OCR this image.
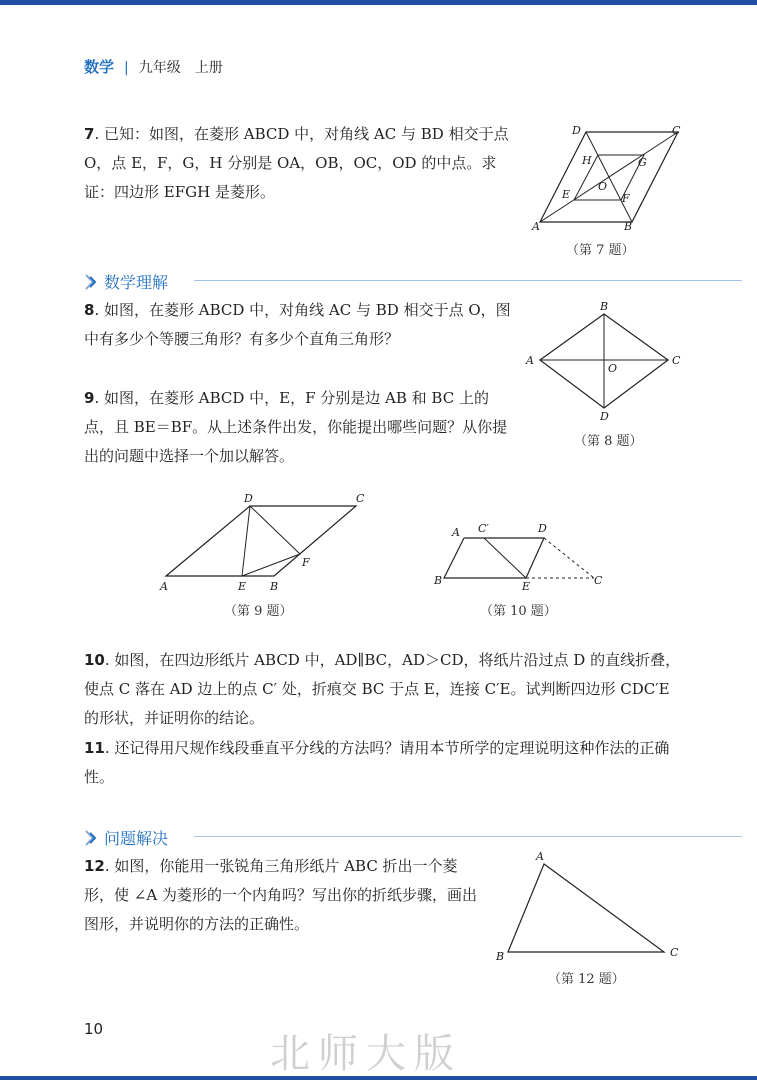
数学 | 九年级 上册
7. 已知：如图，在菱形 ABCD 中，对角线 AC 与 BD 相交于点 O，点 E，F，G，H 分别是 OA，OB，OC，OD 的中点。求证：四边形 EFGH 是菱形。
A	B
C
D
E	F
G
H
O
（第 7 题）
数学理解
8. 如图，在菱形 ABCD 中，对角线 AC 与 BD 相交于点 O，图中有多少个等腰三角形？有多少个直角三角形？
A
B
C
D
O
（第 8 题）
9. 如图，在菱形 ABCD 中，E，F 分别是边 AB 和 BC 上的点，且 BE＝BF。从上述条件出发，你能提出哪些问题？从你提出的问题中选择一个加以解答。
A	E B
F
C
D
（第 9 题）
A C′	D
B	E	C
（第 10 题）
10. 如图，在四边形纸片 ABCD 中，AD∥BC，AD＞CD，将纸片沿过点 D 的直线折叠，使点 C 落在 AD 边上的点 C′ 处，折痕交 BC 于点 E，连接 C′E。试判断四边形 CDC′E 的形状，并证明你的结论。
11. 还记得用尺规作线段垂直平分线的方法吗？请用本节所学的定理说明这种作法的正确性。
问题解决
12. 如图，你能用一张锐角三角形纸片 ABC 折出一个菱形，使 ∠A 为菱形的一个内角吗？写出你的折纸步骤，画出图形，并说明你的方法的正确性。
A
B	C
（第 12 题）
10
北师大版
